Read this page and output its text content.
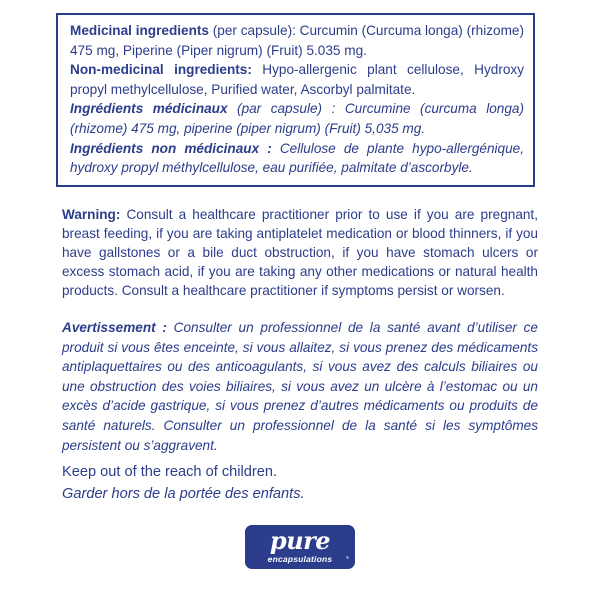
Medicinal ingredients (per capsule): Curcumin (Curcuma longa) (rhizome) 475 mg, Piperine (Piper nigrum) (Fruit) 5.035 mg.

Non-medicinal ingredients: Hypo-allergenic plant cellulose, Hydroxy propyl methylcellulose, Purified water, Ascorbyl palmitate.

Ingrédients médicinaux (par capsule) : Curcumine (curcuma longa) (rhizome) 475 mg, piperine (piper nigrum) (Fruit) 5,035 mg.

Ingrédients non médicinaux : Cellulose de plante hypo-allergénique, hydroxy propyl méthylcellulose, eau purifiée, palmitate d’ascorbyle.

Warning: Consult a healthcare practitioner prior to use if you are pregnant, breast feeding, if you are taking antiplatelet medication or blood thinners, if you have gallstones or a bile duct obstruction, if you have stomach ulcers or excess stomach acid, if you are taking any other medications or natural health products. Consult a healthcare practitioner if symptoms persist or worsen.

Avertissement : Consulter un professionnel de la santé avant d’utiliser ce produit si vous êtes enceinte, si vous allaitez, si vous prenez des médicaments antiplaquettaires ou des anticoagulants, si vous avez des calculs biliaires ou une obstruction des voies biliaires, si vous avez un ulcère à l’estomac ou un excès d’acide gastrique, si vous prenez d’autres médicaments ou produits de santé naturels. Consulter un professionnel de la santé si les symptômes persistent ou s’aggravent.

Keep out of the reach of children.

Garder hors de la portée des enfants.

pure
encapsulations	®
